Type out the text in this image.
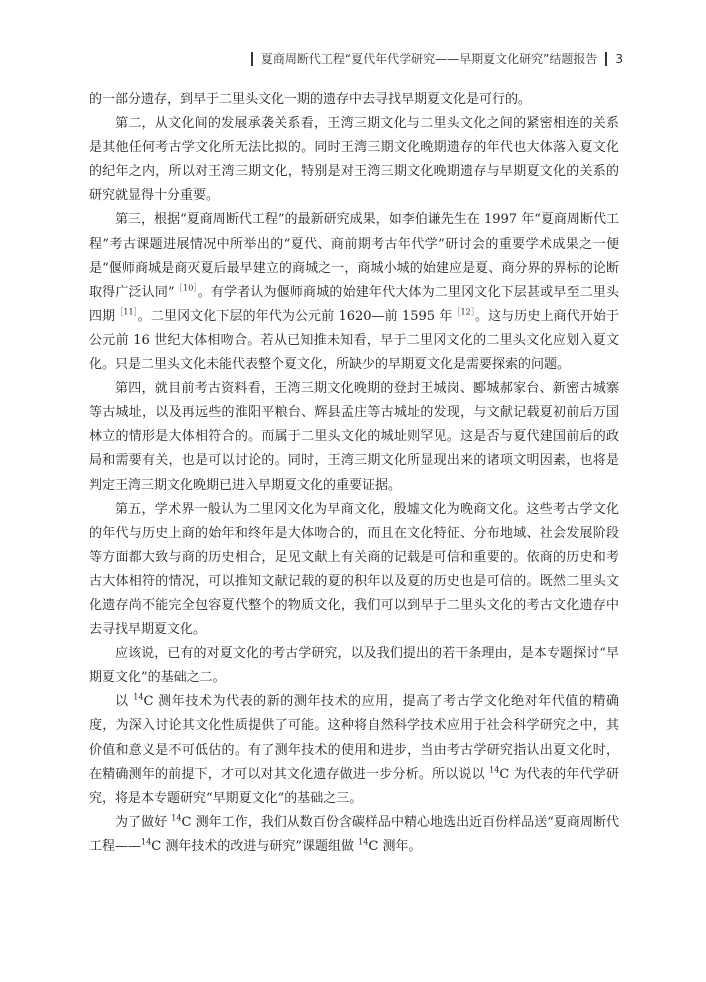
夏商周断代工程“夏代年代学研究——早期夏文化研究”结题报告 3

的一部分遗存，到早于二里头文化一期的遗存中去寻找早期夏文化是可行的。

第二，从文化间的发展承袭关系看，王湾三期文化与二里头文化之间的紧密相连的关系是其他任何考古学文化所无法比拟的。同时王湾三期文化晚期遗存的年代也大体落入夏文化的纪年之内，所以对王湾三期文化，特别是对王湾三期文化晚期遗存与早期夏文化的关系的研究就显得十分重要。

第三，根据“夏商周断代工程”的最新研究成果，如李伯谦先生在 1997 年“夏商周断代工程”考古课题进展情况中所举出的“夏代、商前期考古年代学”研讨会的重要学术成果之一便是“偃师商城是商灭夏后最早建立的商城之一，商城小城的始建应是夏、商分界的界标的论断取得广泛认同”$^{[10]}$。有学者认为偃师商城的始建年代大体为二里冈文化下层甚或早至二里头四期$^{[11]}$。二里冈文化下层的年代为公元前 1620—前 1595 年$^{[12]}$。这与历史上商代开始于公元前 16 世纪大体相吻合。若从已知推未知看，早于二里冈文化的二里头文化应划入夏文化。只是二里头文化未能代表整个夏文化，所缺少的早期夏文化是需要探索的问题。

第四，就目前考古资料看，王湾三期文化晚期的登封王城岗、郾城郝家台、新密古城寨等古城址，以及再远些的淮阳平粮台、辉县孟庄等古城址的发现，与文献记载夏初前后万国林立的情形是大体相符合的。而属于二里头文化的城址则罕见。这是否与夏代建国前后的政局和需要有关，也是可以讨论的。同时，王湾三期文化所显现出来的诸项文明因素，也将是判定王湾三期文化晚期已进入早期夏文化的重要证据。

第五，学术界一般认为二里冈文化为早商文化，殷墟文化为晚商文化。这些考古学文化的年代与历史上商的始年和终年是大体吻合的，而且在文化特征、分布地域、社会发展阶段等方面都大致与商的历史相合，足见文献上有关商的记载是可信和重要的。依商的历史和考古大体相符的情况，可以推知文献记载的夏的积年以及夏的历史也是可信的。既然二里头文化遗存尚不能完全包容夏代整个的物质文化，我们可以到早于二里头文化的考古文化遗存中去寻找早期夏文化。

应该说，已有的对夏文化的考古学研究，以及我们提出的若干条理由，是本专题探讨“早期夏文化”的基础之二。

以 $^{14}$C 测年技术为代表的新的测年技术的应用，提高了考古学文化绝对年代值的精确度，为深入讨论其文化性质提供了可能。这种将自然科学技术应用于社会科学研究之中，其价值和意义是不可低估的。有了测年技术的使用和进步，当由考古学研究指认出夏文化时，在精确测年的前提下，才可以对其文化遗存做进一步分析。所以说以 $^{14}$C 为代表的年代学研究，将是本专题研究“早期夏文化”的基础之三。

为了做好 $^{14}$C 测年工作，我们从数百份含碳样品中精心地选出近百份样品送“夏商周断代工程——$^{14}$C 测年技术的改进与研究”课题组做 $^{14}$C 测年。
